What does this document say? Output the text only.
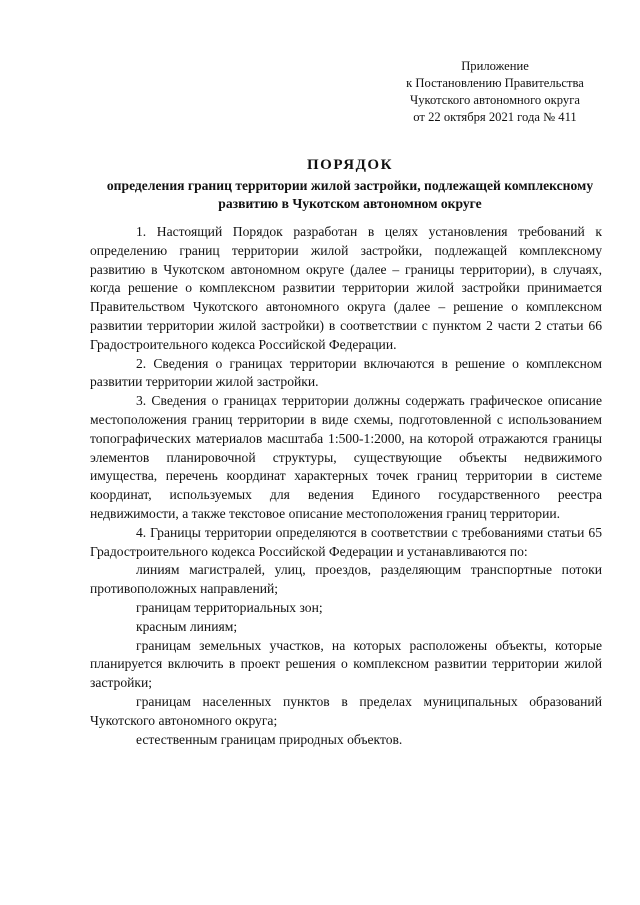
Приложение
к Постановлению Правительства
Чукотского автономного округа
от 22 октября 2021 года № 411
ПОРЯДОК
определения границ территории жилой застройки, подлежащей комплексному развитию в Чукотском автономном округе

1. Настоящий Порядок разработан в целях установления требований к определению границ территории жилой застройки, подлежащей комплексному развитию в Чукотском автономном округе (далее – границы территории), в случаях, когда решение о комплексном развитии территории жилой застройки принимается Правительством Чукотского автономного округа (далее – решение о комплексном развитии территории жилой застройки) в соответствии с пунктом 2 части 2 статьи 66 Градостроительного кодекса Российской Федерации.

2. Сведения о границах территории включаются в решение о комплексном развитии территории жилой застройки.

3. Сведения о границах территории должны содержать графическое описание местоположения границ территории в виде схемы, подготовленной с использованием топографических материалов масштаба 1:500-1:2000, на которой отражаются границы элементов планировочной структуры, существующие объекты недвижимого имущества, перечень координат характерных точек границ территории в системе координат, используемых для ведения Единого государственного реестра недвижимости, а также текстовое описание местоположения границ территории.

4. Границы территории определяются в соответствии с требованиями статьи 65 Градостроительного кодекса Российской Федерации и устанавливаются по:

линиям магистралей, улиц, проездов, разделяющим транспортные потоки противоположных направлений;

границам территориальных зон;

красным линиям;

границам земельных участков, на которых расположены объекты, которые планируется включить в проект решения о комплексном развитии территории жилой застройки;

границам населенных пунктов в пределах муниципальных образований Чукотского автономного округа;

естественным границам природных объектов.
